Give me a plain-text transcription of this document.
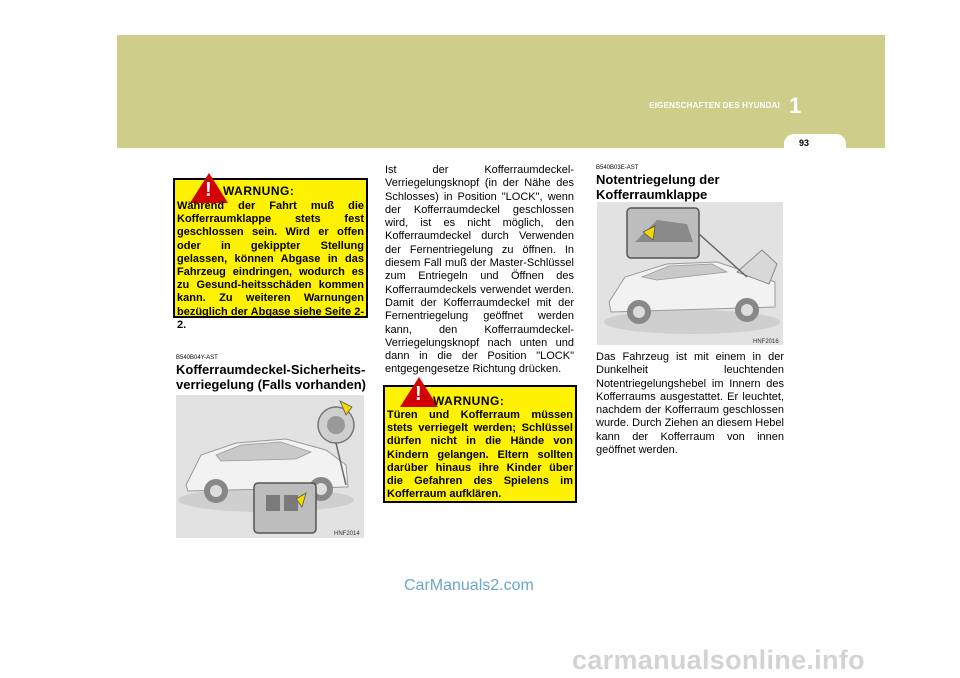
EIGENSCHAFTEN DES HYUNDAI 1
93
! WARNUNG:
Während der Fahrt muß die Kofferraumklappe stets fest geschlossen sein. Wird er offen oder in gekippter Stellung gelassen, können Abgase in das Fahrzeug eindringen, wodurch es zu Gesund-heitsschäden kommen kann. Zu weiteren Warnungen bezüglich der Abgase siehe Seite 2-2.
B540B04Y-AST
Kofferraumdeckel-Sicherheits-verriegelung (Falls vorhanden)
HNF2014
Ist der Kofferraumdeckel-Verriegelungsknopf (in der Nähe des Schlosses) in Position "LOCK", wenn der Kofferraumdeckel geschlossen wird, ist es nicht möglich, den Kofferraumdeckel durch Verwenden der Fernentriegelung zu öffnen. In diesem Fall muß der Master-Schlüssel zum Entriegeln und Öffnen des Kofferraumdeckels verwendet werden. Damit der Kofferraumdeckel mit der Fernentriegelung geöffnet werden kann, den Kofferraumdeckel-Verriegelungsknopf nach unten und dann in die der Position "LOCK" entgegengesetze Richtung drücken.
! WARNUNG:
Türen und Kofferraum müssen stets verriegelt werden; Schlüssel dürfen nicht in die Hände von Kindern gelangen. Eltern sollten darüber hinaus ihre Kinder über die Gefahren des Spielens im Kofferraum aufklären.
B540B03E-AST
Notentriegelung der Kofferraumklappe
HNF2016
Das Fahrzeug ist mit einem in der Dunkelheit leuchtenden Notentriegelungshebel im Innern des Kofferraums ausgestattet. Er leuchtet, nachdem der Kofferraum geschlossen wurde. Durch Ziehen an diesem Hebel kann der Kofferraum von innen geöffnet werden.
CarManuals2.com
carmanualsonline.info
